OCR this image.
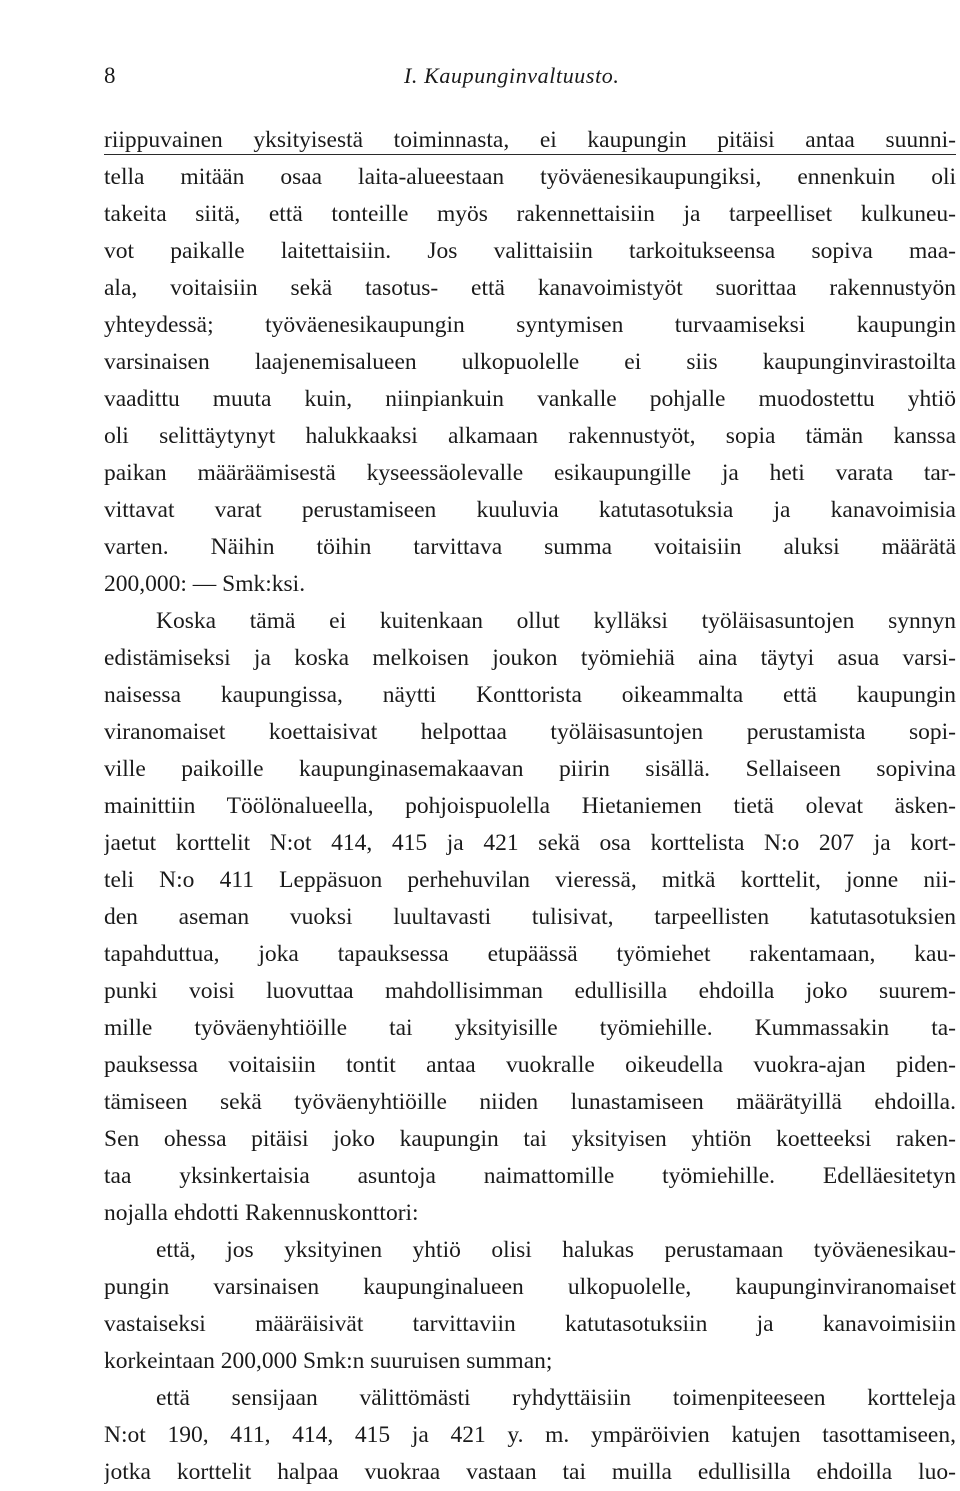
8	I. Kaupunginvaltuusto.
riippuvainen yksityisestä toiminnasta, ei kaupungin pitäisi antaa suunni-
tella mitään osaa laita-alueestaan työväenesikaupungiksi, ennenkuin oli
takeita siitä, että tonteille myös rakennettaisiin ja tarpeelliset kulkuneu-
vot paikalle laitettaisiin. Jos valittaisiin tarkoitukseensa sopiva maa-
ala, voitaisiin sekä tasotus- että kanavoimistyöt suorittaa rakennustyön
yhteydessä; työväenesikaupungin syntymisen turvaamiseksi kaupungin
varsinaisen laajenemisalueen ulkopuolelle ei siis kaupunginvirastoilta
vaadittu muuta kuin, niinpiankuin vankalle pohjalle muodostettu yhtiö
oli selittäytynyt halukkaaksi alkamaan rakennustyöt, sopia tämän kanssa
paikan määräämisestä kyseessäolevalle esikaupungille ja heti varata tar-
vittavat varat perustamiseen kuuluvia katutasotuksia ja kanavoimisia
varten. Näihin töihin tarvittava summa voitaisiin aluksi määrätä
200,000: — Smk:ksi.
Koska tämä ei kuitenkaan ollut kylläksi työläisasuntojen synnyn
edistämiseksi ja koska melkoisen joukon työmiehiä aina täytyi asua varsi-
naisessa kaupungissa, näytti Konttorista oikeammalta että kaupungin
viranomaiset koettaisivat helpottaa työläisasuntojen perustamista sopi-
ville paikoille kaupunginasemakaavan piirin sisällä. Sellaiseen sopivina
mainittiin Töölönalueella, pohjoispuolella Hietaniemen tietä olevat äsken-
jaetut korttelit N:ot 414, 415 ja 421 sekä osa korttelista N:o 207 ja kort-
teli N:o 411 Leppäsuon perhehuvilan vieressä, mitkä korttelit, jonne nii-
den aseman vuoksi luultavasti tulisivat, tarpeellisten katutasotuksien
tapahduttua, joka tapauksessa etupäässä työmiehet rakentamaan, kau-
punki voisi luovuttaa mahdollisimman edullisilla ehdoilla joko suurem-
mille työväenyhtiöille tai yksityisille työmiehille. Kummassakin ta-
pauksessa voitaisiin tontit antaa vuokralle oikeudella vuokra-ajan piden-
tämiseen sekä työväenyhtiöille niiden lunastamiseen määrätyillä ehdoilla.
Sen ohessa pitäisi joko kaupungin tai yksityisen yhtiön koetteeksi raken-
taa yksinkertaisia asuntoja naimattomille työmiehille. Edelläesitetyn
nojalla ehdotti Rakennuskonttori:
että, jos yksityinen yhtiö olisi halukas perustamaan työväenesikau-
pungin varsinaisen kaupunginalueen ulkopuolelle, kaupunginviranomaiset
vastaiseksi määräisivät tarvittaviin katutasotuksiin ja kanavoimisiin
korkeintaan 200,000 Smk:n suuruisen summan;
että sensijaan välittömästi ryhdyttäisiin toimenpiteeseen kortteleja
N:ot 190, 411, 414, 415 ja 421 y. m. ympäröivien katujen tasottamiseen,
jotka korttelit halpaa vuokraa vastaan tai muilla edullisilla ehdoilla luo-
